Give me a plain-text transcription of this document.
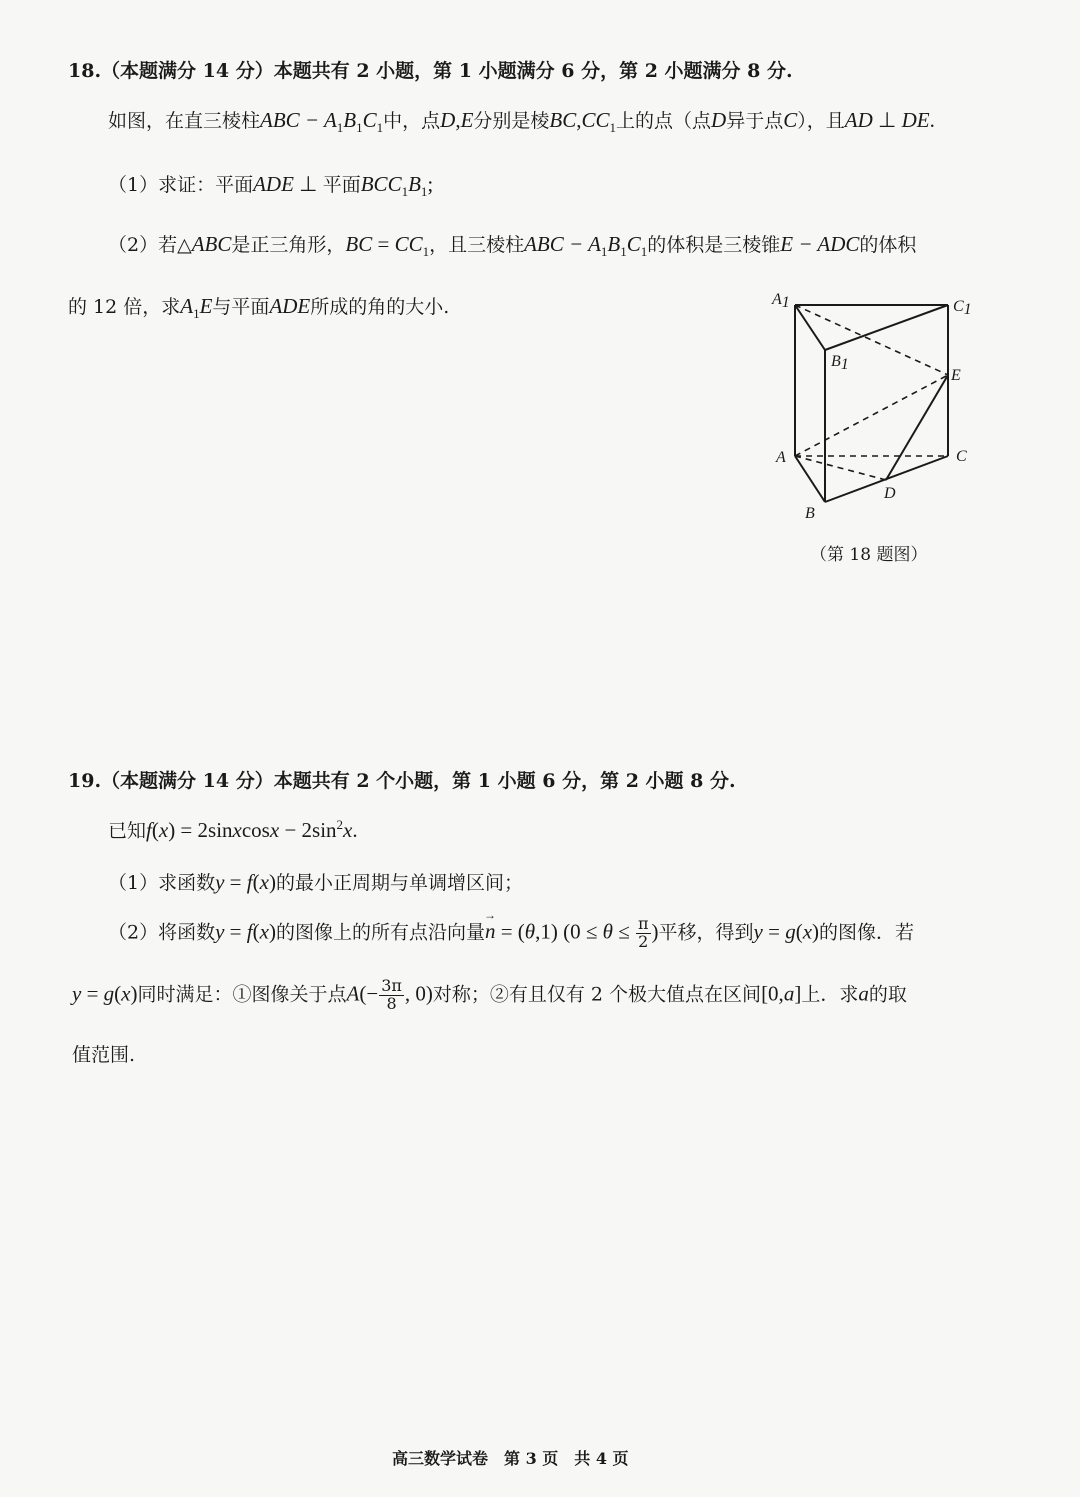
18.（本题满分 14 分）本题共有 2 小题，第 1 小题满分 6 分，第 2 小题满分 8 分.
如图，在直三棱柱ABC − $A_1B_1C_1$中，点D,E分别是棱$BC,CC_1$上的点（点D异于点C），且AD ⊥ DE.
（1）求证：平面ADE ⊥ 平面$BCC_1B_1$;
（2）若△ABC是正三角形，BC = $CC_1$，且三棱柱ABC − $A_1B_1C_1$的体积是三棱锥E − ADC的体积
的 12 倍，求$A_1E$与平面ADE所成的角的大小.	A1	C1
B1
E
A	C
D
B
（第 18 题图）
19.（本题满分 14 分）本题共有 2 个小题，第 1 小题 6 分，第 2 小题 8 分.
已知f(x) = 2sinxcosx − $2\sin^2x$.
（1）求函数y = f(x)的最小正周期与单调增区间；
（2）将函数y = f(x)的图像上的所有点沿向量→ n = (θ,1) ($0 \le \theta \le \frac{\pi}{2}$ )平移，得到y = g(x)的图像．若
y = g(x)同时满足：①图像关于点$A(- \frac{3\pi}{8}$ , 0)对称；②有且仅有 2 个极大值点在区间[0,a]上．求a的取
值范围.
高三数学试卷　第 3 页　共 4 页
